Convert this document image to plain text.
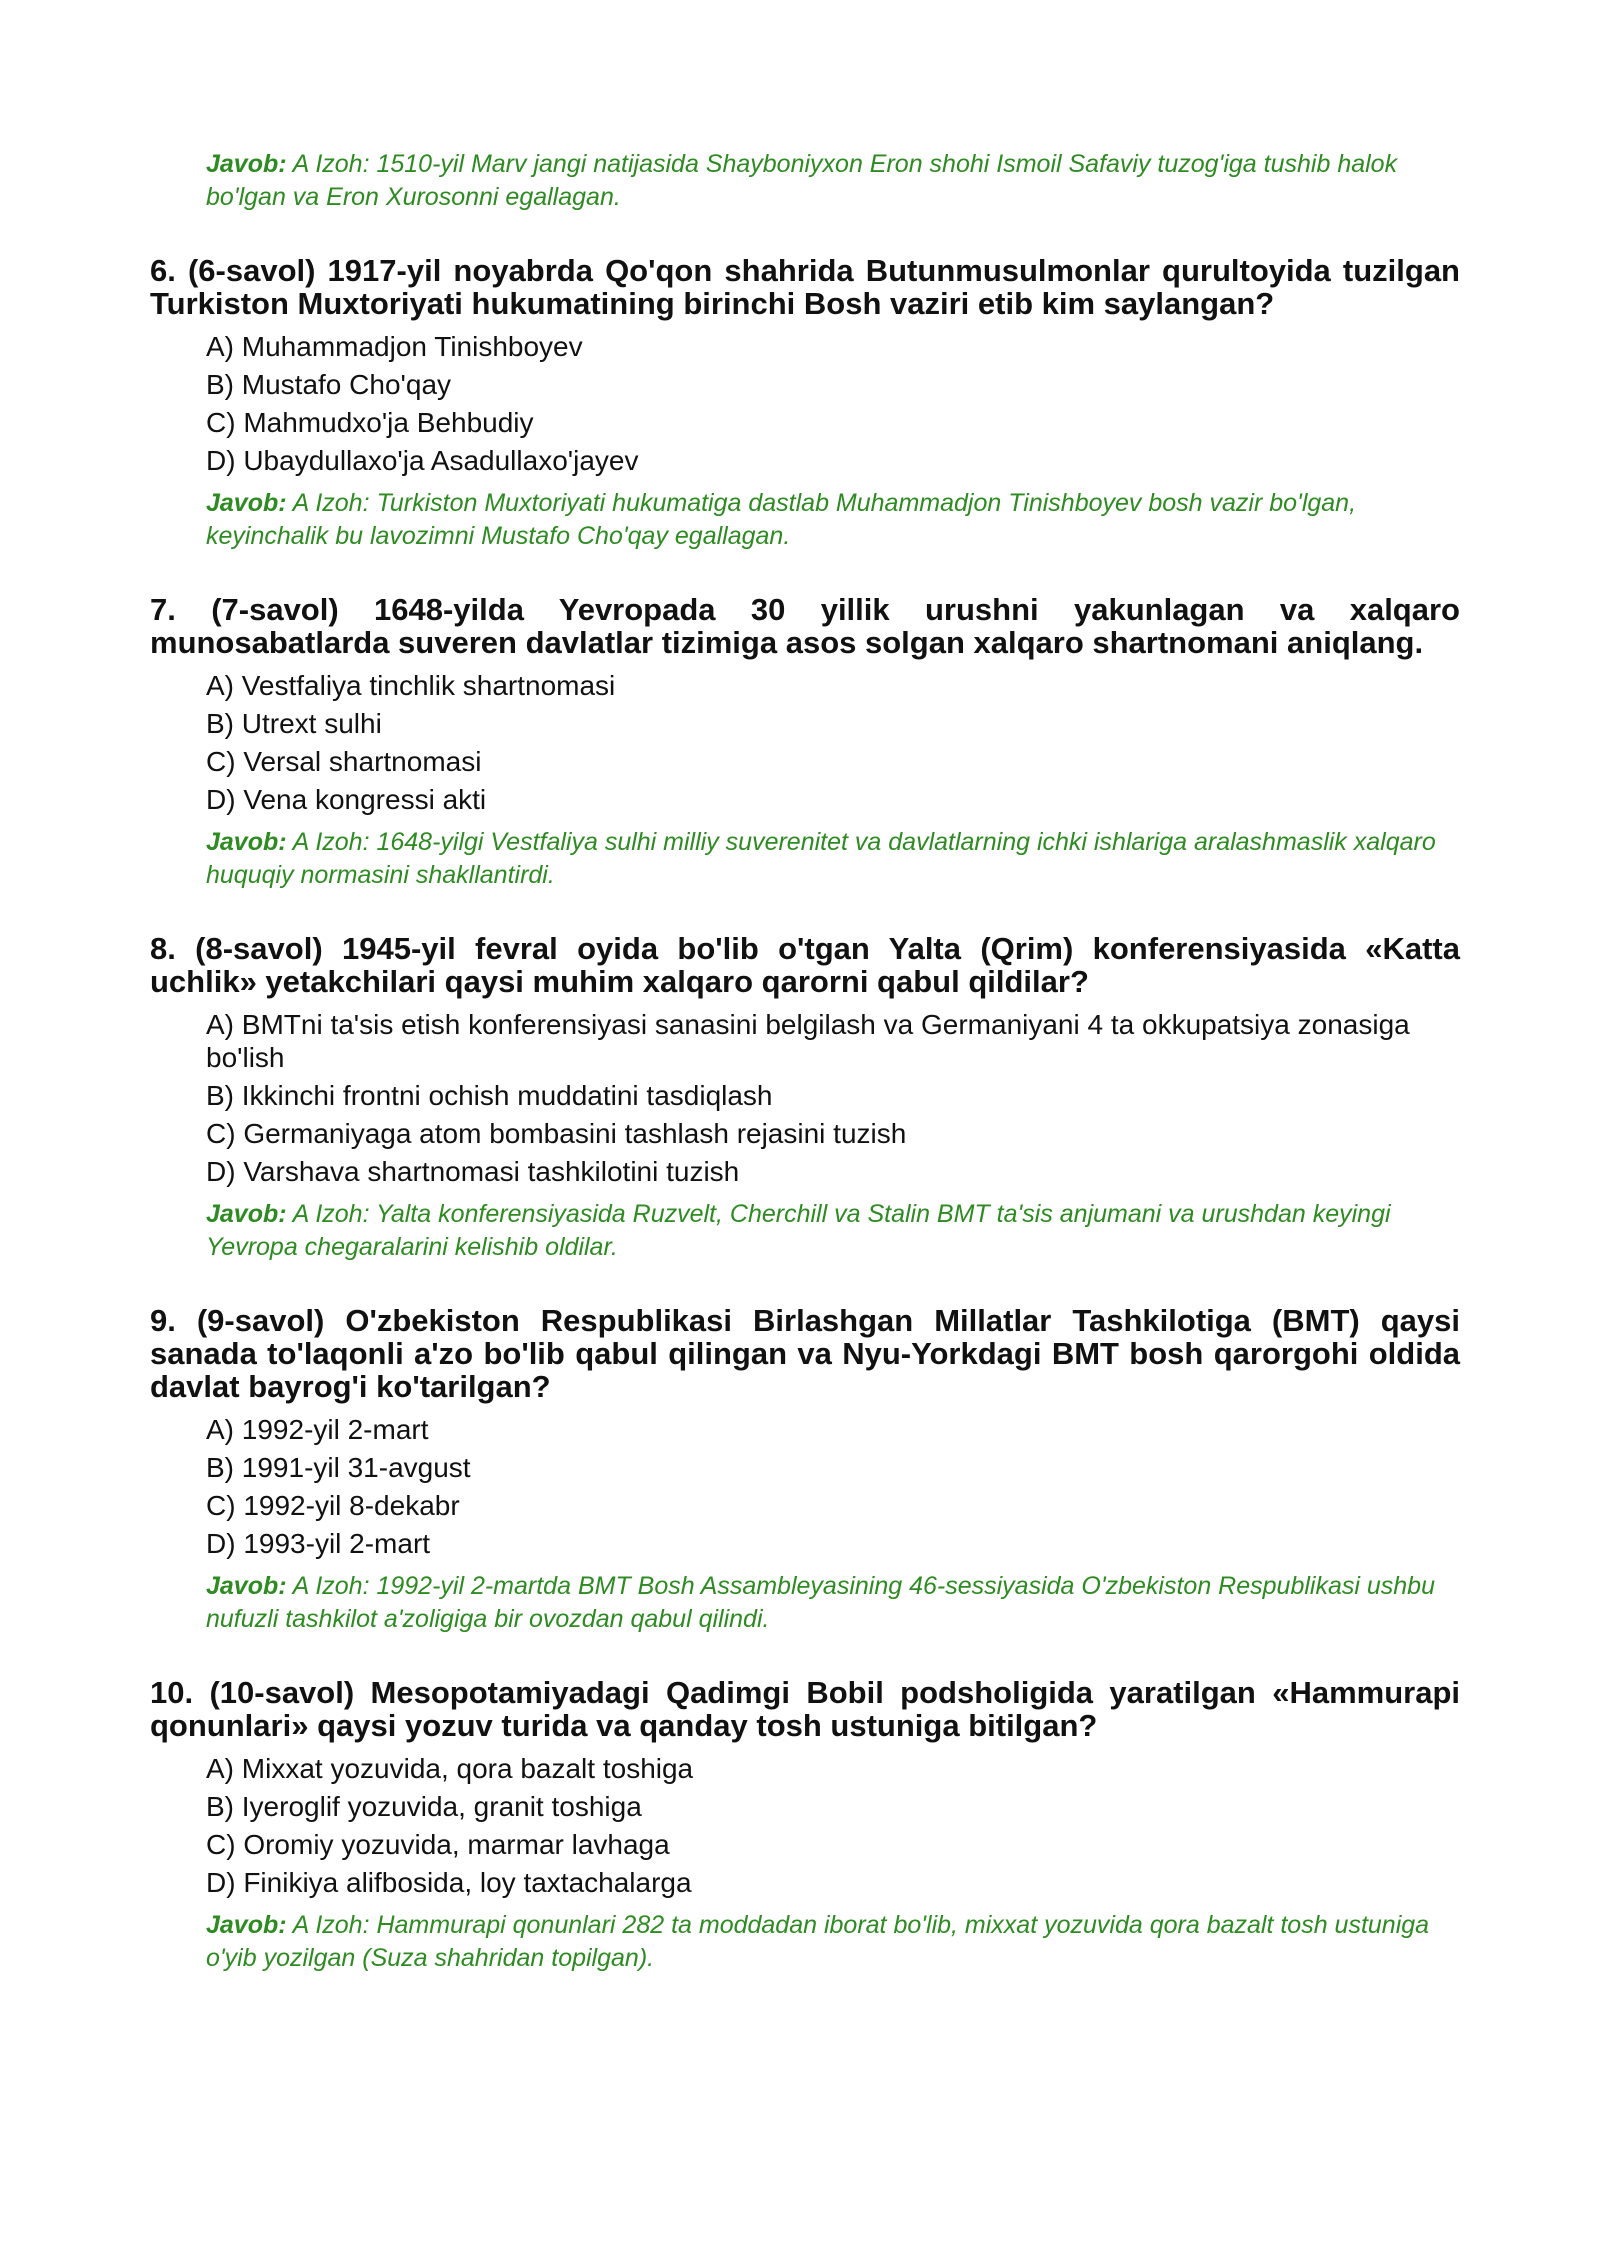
Javob: A Izoh: 1510-yil Marv jangi natijasida Shayboniyxon Eron shohi Ismoil Safaviy tuzog'iga tushib halok bo'lgan va Eron Xurosonni egallagan.

6. (6-savol) 1917-yil noyabrda Qo'qon shahrida Butunmusulmonlar qurultoyida tuzilgan Turkiston Muxtoriyati hukumatining birinchi Bosh vaziri etib kim saylangan?
A) Muhammadjon Tinishboyev
B) Mustafo Cho'qay
C) Mahmudxo'ja Behbudiy
D) Ubaydullaxo'ja Asadullaxo'jayev

Javob: A Izoh: Turkiston Muxtoriyati hukumatiga dastlab Muhammadjon Tinishboyev bosh vazir bo'lgan, keyinchalik bu lavozimni Mustafo Cho'qay egallagan.

7. (7-savol) 1648-yilda Yevropada 30 yillik urushni yakunlagan va xalqaro munosabatlarda suveren davlatlar tizimiga asos solgan xalqaro shartnomani aniqlang.
A) Vestfaliya tinchlik shartnomasi
B) Utrext sulhi
C) Versal shartnomasi
D) Vena kongressi akti

Javob: A Izoh: 1648-yilgi Vestfaliya sulhi milliy suverenitet va davlatlarning ichki ishlariga aralashmaslik xalqaro huquqiy normasini shakllantirdi.

8. (8-savol) 1945-yil fevral oyida bo'lib o'tgan Yalta (Qrim) konferensiyasida «Katta uchlik» yetakchilari qaysi muhim xalqaro qarorni qabul qildilar?
A) BMTni ta'sis etish konferensiyasi sanasini belgilash va Germaniyani 4 ta okkupatsiya zonasiga bo'lish
B) Ikkinchi frontni ochish muddatini tasdiqlash
C) Germaniyaga atom bombasini tashlash rejasini tuzish
D) Varshava shartnomasi tashkilotini tuzish

Javob: A Izoh: Yalta konferensiyasida Ruzvelt, Cherchill va Stalin BMT ta'sis anjumani va urushdan keyingi Yevropa chegaralarini kelishib oldilar.

9. (9-savol) O'zbekiston Respublikasi Birlashgan Millatlar Tashkilotiga (BMT) qaysi sanada to'laqonli a'zo bo'lib qabul qilingan va Nyu-Yorkdagi BMT bosh qarorgohi oldida davlat bayrog'i ko'tarilgan?
A) 1992-yil 2-mart
B) 1991-yil 31-avgust
C) 1992-yil 8-dekabr
D) 1993-yil 2-mart

Javob: A Izoh: 1992-yil 2-martda BMT Bosh Assambleyasining 46-sessiyasida O'zbekiston Respublikasi ushbu nufuzli tashkilot a'zoligiga bir ovozdan qabul qilindi.

10. (10-savol) Mesopotamiyadagi Qadimgi Bobil podsholigida yaratilgan «Hammurapi qonunlari» qaysi yozuv turida va qanday tosh ustuniga bitilgan?
A) Mixxat yozuvida, qora bazalt toshiga
B) Iyeroglif yozuvida, granit toshiga
C) Oromiy yozuvida, marmar lavhaga
D) Finikiya alifbosida, loy taxtachalarga

Javob: A Izoh: Hammurapi qonunlari 282 ta moddadan iborat bo'lib, mixxat yozuvida qora bazalt tosh ustuniga o'yib yozilgan (Suza shahridan topilgan).
